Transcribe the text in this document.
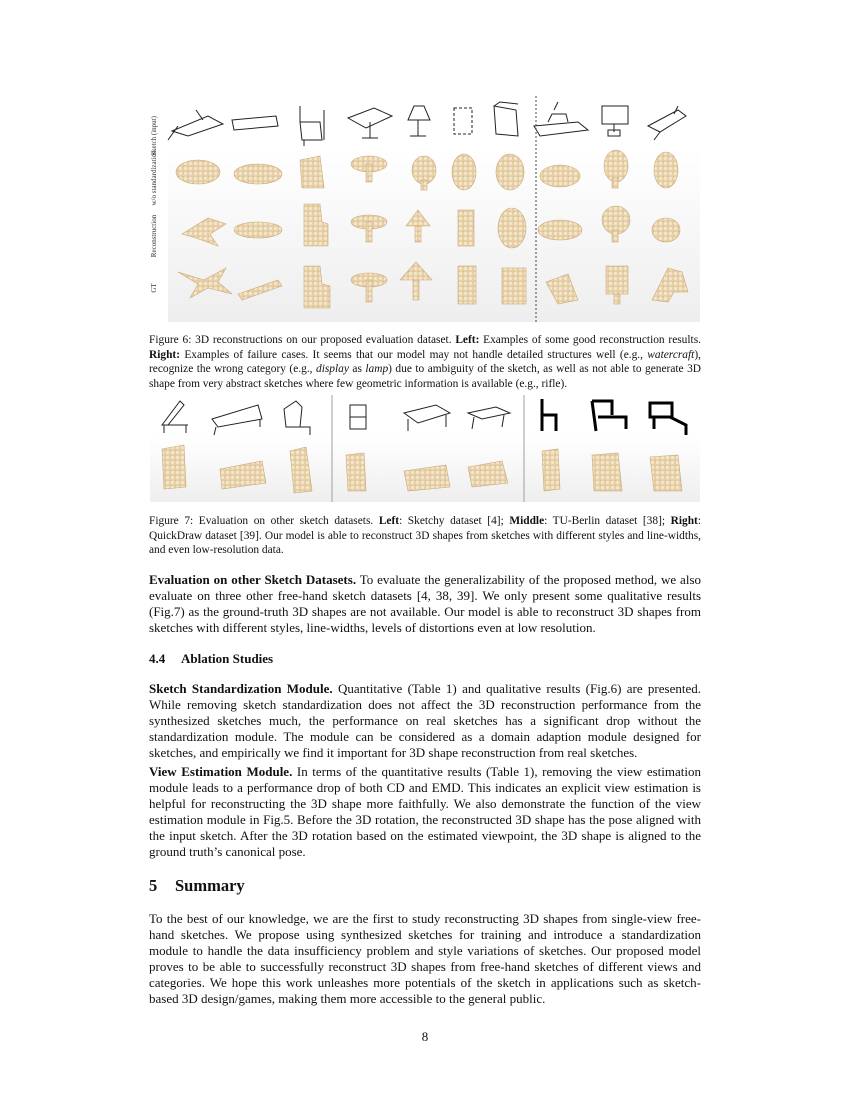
Sketch (input)
w/o standardization
Reconstruction
GT
Figure 6: 3D reconstructions on our proposed evaluation dataset. Left: Examples of some good reconstruction results. Right: Examples of failure cases. It seems that our model may not handle detailed structures well (e.g., watercraft), recognize the wrong category (e.g., display as lamp) due to ambiguity of the sketch, as well as not able to generate 3D shape from very abstract sketches where few geometric information is available (e.g., rifle).
Figure 7: Evaluation on other sketch datasets. Left: Sketchy dataset [4]; Middle: TU-Berlin dataset [38]; Right: QuickDraw dataset [39]. Our model is able to reconstruct 3D shapes from sketches with different styles and line-widths, and even low-resolution data.

Evaluation on other Sketch Datasets. To evaluate the generalizability of the proposed method, we also evaluate on three other free-hand sketch datasets [4, 38, 39]. We only present some qualitative results (Fig.7) as the ground-truth 3D shapes are not available. Our model is able to reconstruct 3D shapes from sketches with different styles, line-widths, levels of distortions even at low resolution.

4.4 Ablation Studies

Sketch Standardization Module. Quantitative (Table 1) and qualitative results (Fig.6) are presented. While removing sketch standardization does not affect the 3D reconstruction performance from the synthesized sketches much, the performance on real sketches has a significant drop without the standardization module. The module can be considered as a domain adaption module designed for sketches, and empirically we find it important for 3D shape reconstruction from real sketches.

View Estimation Module. In terms of the quantitative results (Table 1), removing the view estimation module leads to a performance drop of both CD and EMD. This indicates an explicit view estimation is helpful for reconstructing the 3D shape more faithfully. We also demonstrate the function of the view estimation module in Fig.5. Before the 3D rotation, the reconstructed 3D shape has the pose aligned with the input sketch. After the 3D rotation based on the estimated viewpoint, the 3D shape is aligned to the ground truth’s canonical pose.

5 Summary

To the best of our knowledge, we are the first to study reconstructing 3D shapes from single-view free-hand sketches. We propose using synthesized sketches for training and introduce a standardization module to handle the data insufficiency problem and style variations of sketches. Our proposed model proves to be able to successfully reconstruct 3D shapes from free-hand sketches of different views and categories. We hope this work unleashes more potentials of the sketch in applications such as sketch-based 3D design/games, making them more accessible to the general public.

8
